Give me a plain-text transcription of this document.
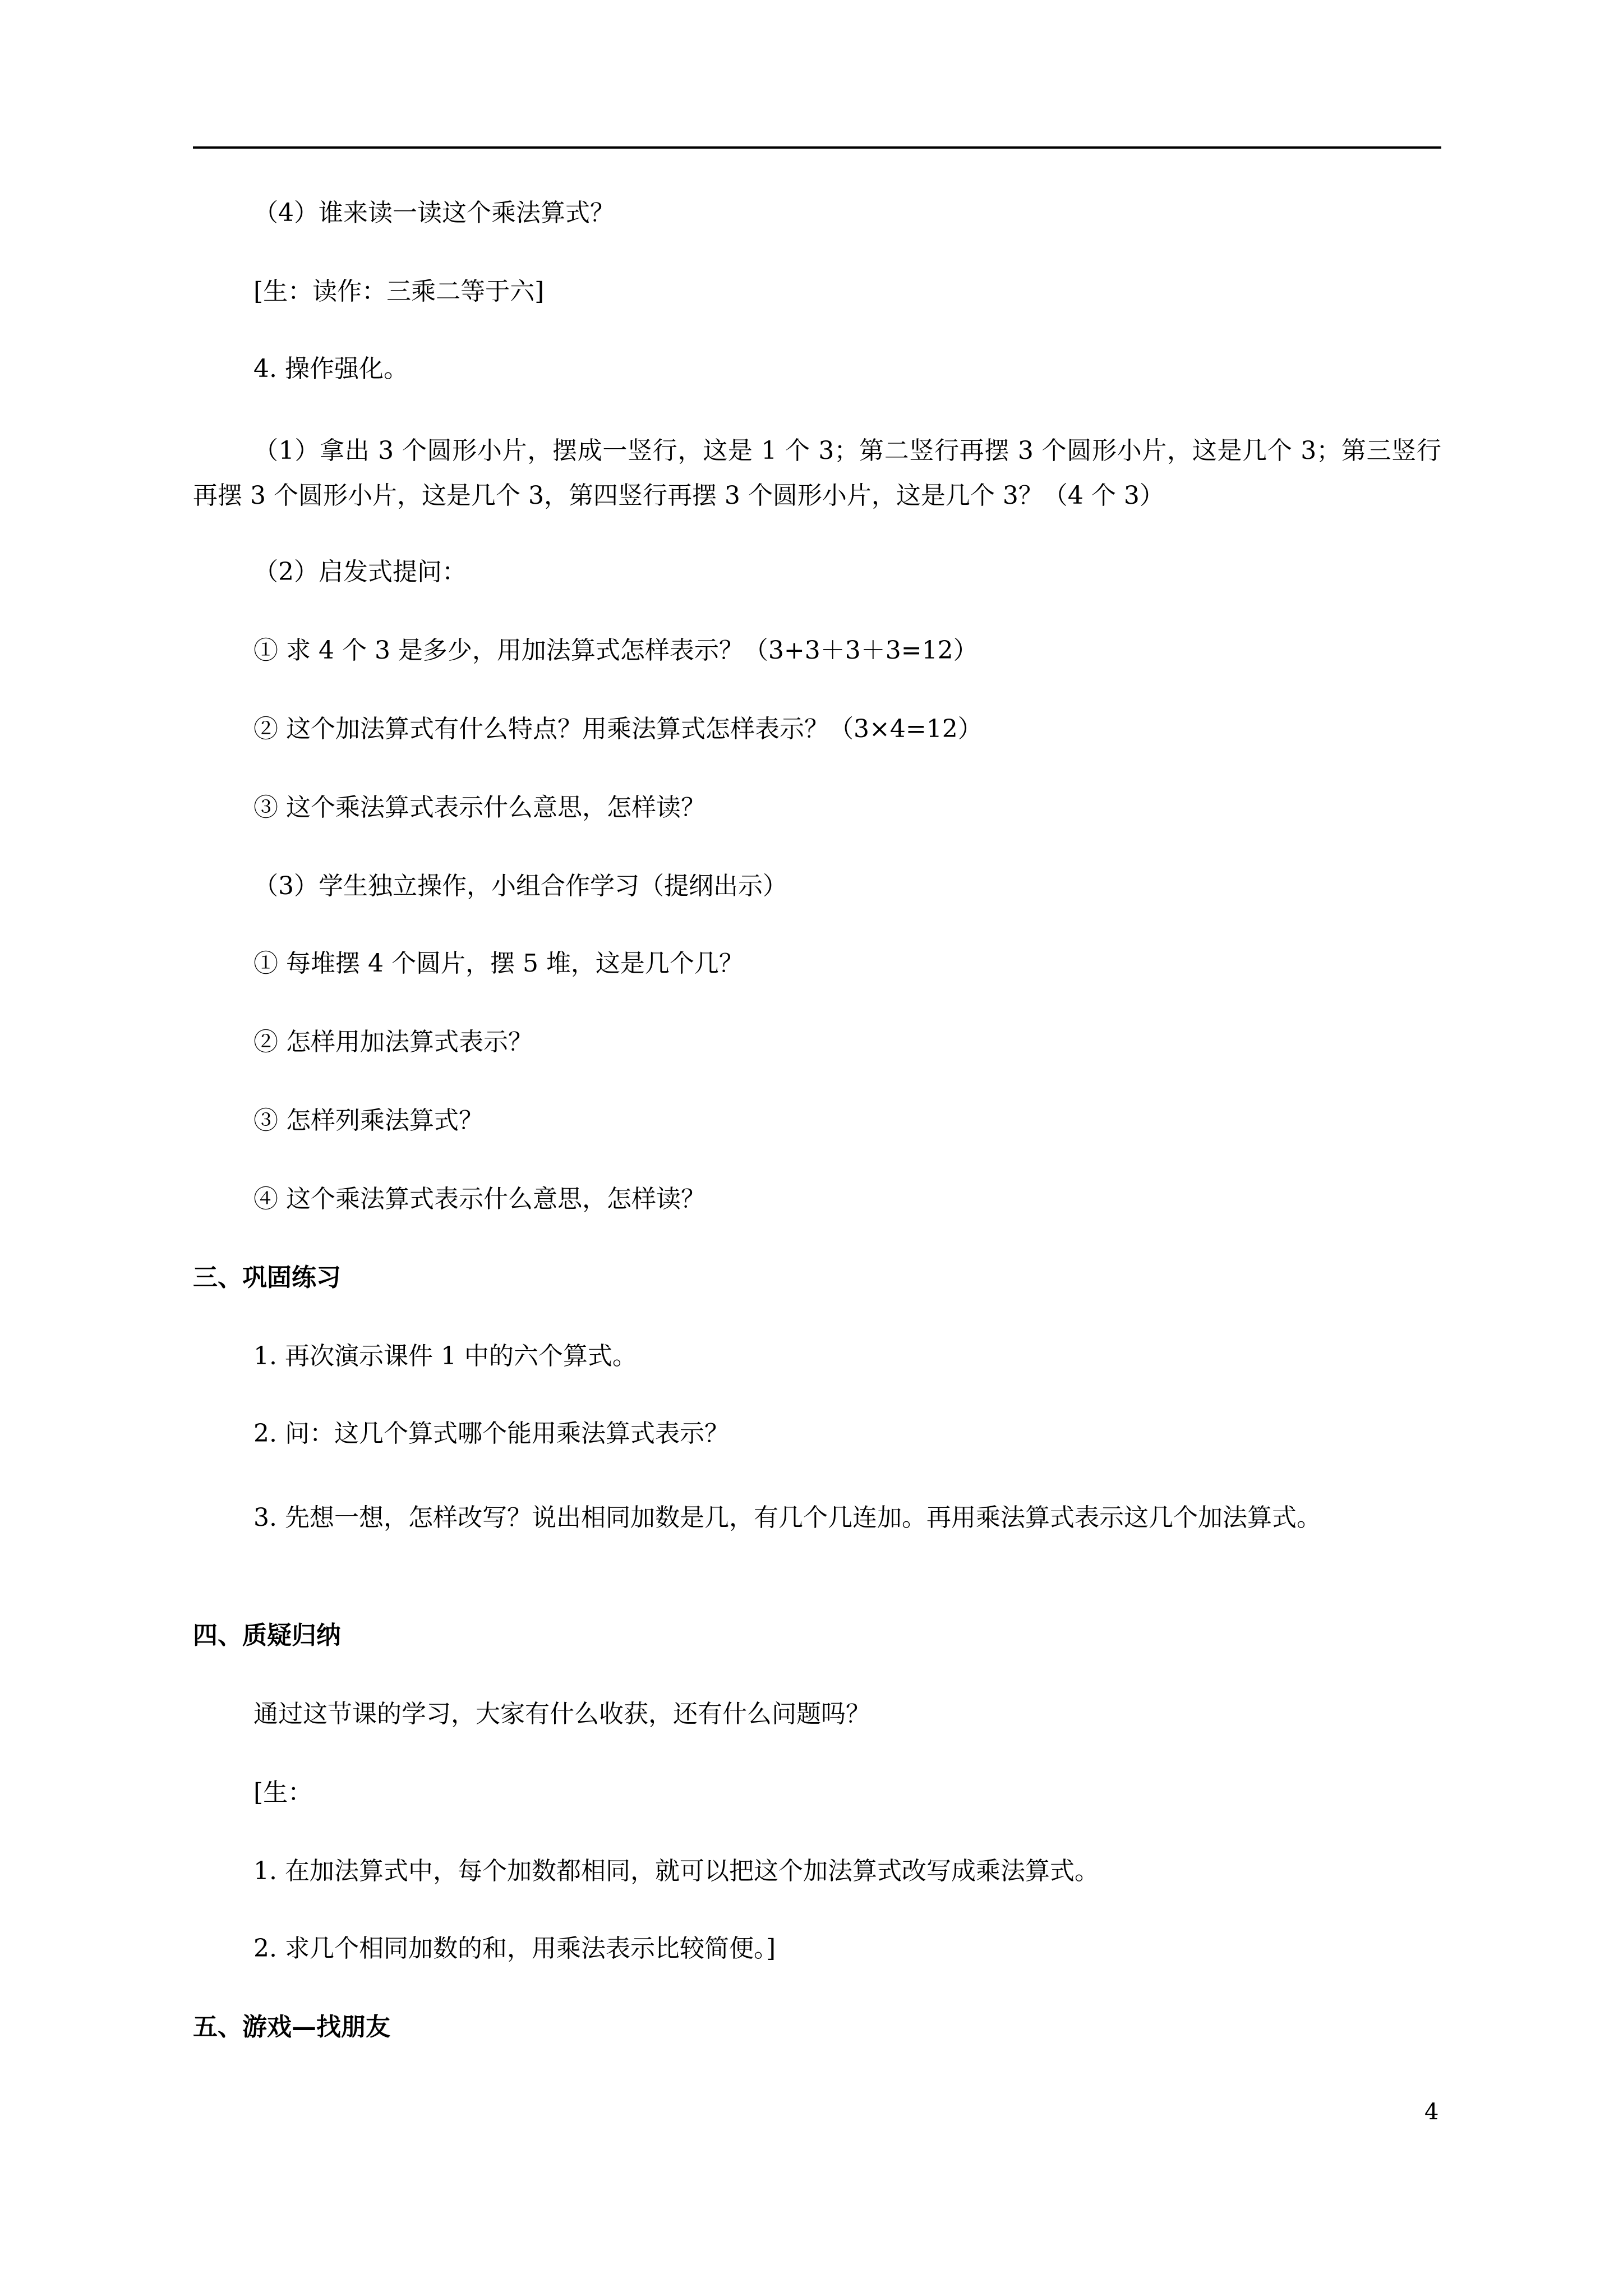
（4）谁来读一读这个乘法算式？

[生：读作：三乘二等于六]

4. 操作强化。

（1）拿出 3 个圆形小片，摆成一竖行，这是 1 个 3；第二竖行再摆 3 个圆形小片，这是几个 3；第三竖行再摆 3 个圆形小片，这是几个 3，第四竖行再摆 3 个圆形小片，这是几个 3？（4 个 3）

（2）启发式提问：

① 求 4 个 3 是多少，用加法算式怎样表示？（3+3＋3＋3=12）

② 这个加法算式有什么特点？用乘法算式怎样表示？（3×4=12）

③ 这个乘法算式表示什么意思，怎样读？

（3）学生独立操作，小组合作学习（提纲出示）

① 每堆摆 4 个圆片，摆 5 堆，这是几个几？

② 怎样用加法算式表示？

③ 怎样列乘法算式？

④ 这个乘法算式表示什么意思，怎样读？

三、巩固练习

1. 再次演示课件 1 中的六个算式。

2. 问：这几个算式哪个能用乘法算式表示？

3. 先想一想，怎样改写？说出相同加数是几，有几个几连加。再用乘法算式表示这几个加法算式。

四、质疑归纳

通过这节课的学习，大家有什么收获，还有什么问题吗？

[生：

1. 在加法算式中，每个加数都相同，就可以把这个加法算式改写成乘法算式。

2. 求几个相同加数的和，用乘法表示比较简便。]

五、游戏—找朋友

4
